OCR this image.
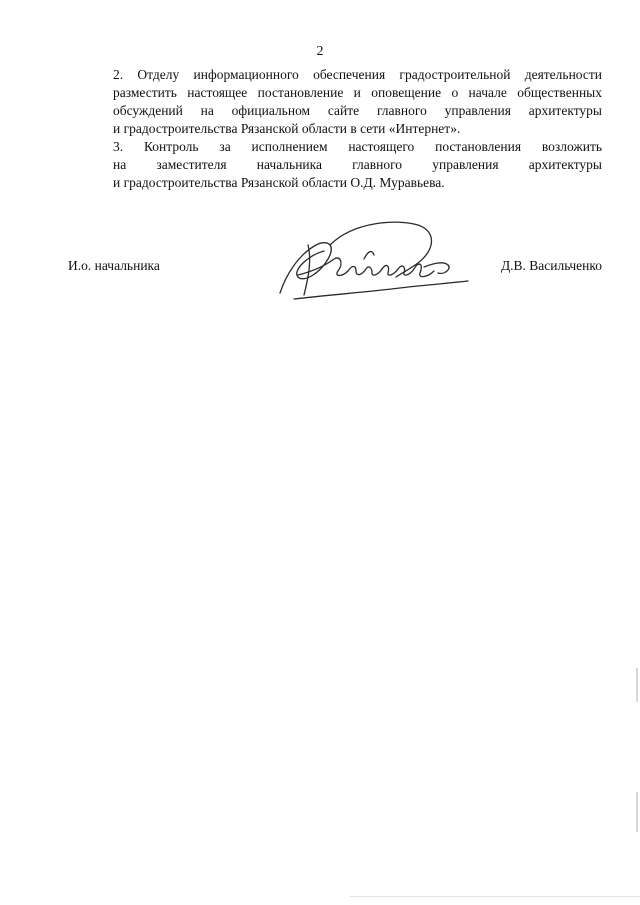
2

2. Отделу информационного обеспечения градостроительной деятельности
разместить настоящее постановление и оповещение о начале общественных
обсуждений на официальном сайте главного управления архитектуры
и градостроительства Рязанской области в сети «Интернет».

3. Контроль за исполнением настоящего постановления возложить
на заместителя начальника главного управления архитектуры
и градостроительства Рязанской области О.Д. Муравьева.

И.о. начальника	Д.В. Васильченко
